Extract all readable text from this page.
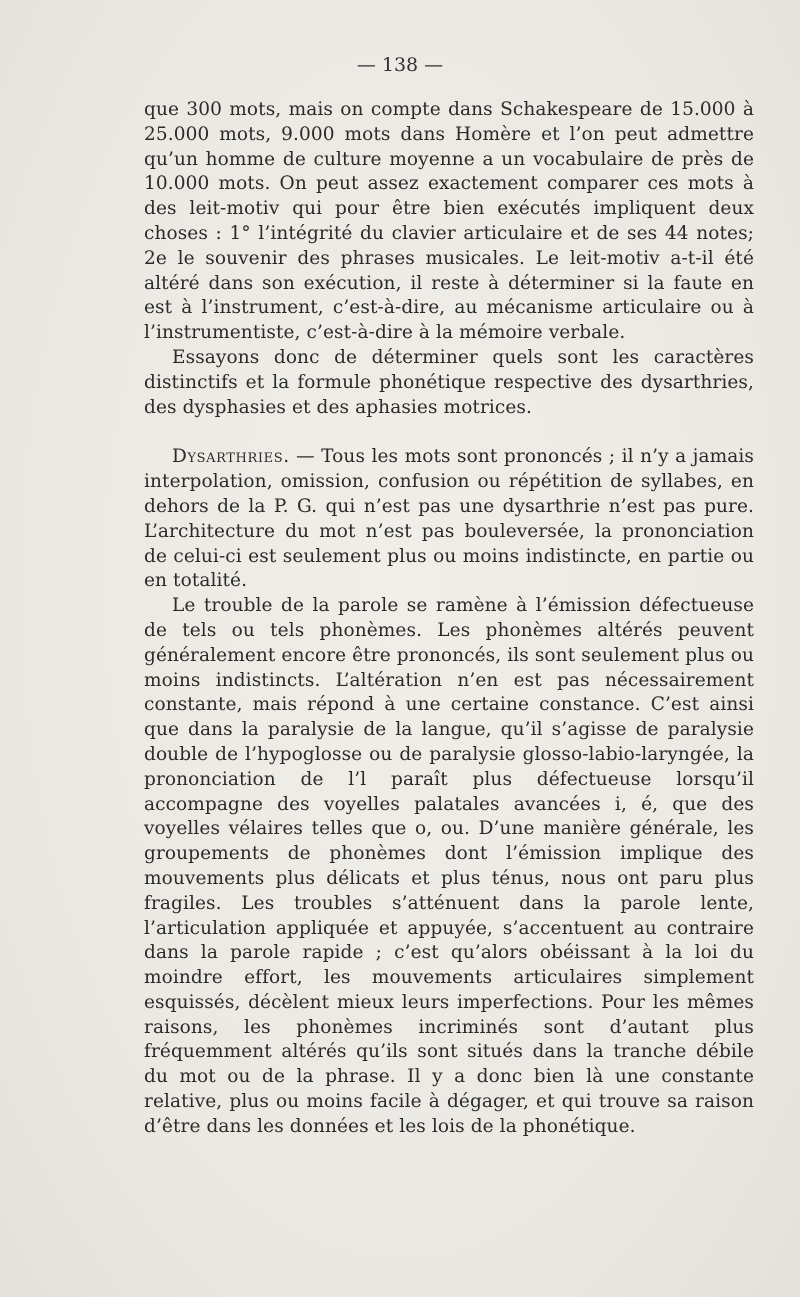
— 138 —

que 300 mots, mais on compte dans Schakespeare de 15.000 à 25.000 mots, 9.000 mots dans Homère et l’on peut admettre qu’un homme de culture moyenne a un vocabulaire de près de 10.000 mots. On peut assez exactement comparer ces mots à des leit-motiv qui pour être bien exécutés impliquent deux choses : 1° l’intégrité du clavier articulaire et de ses 44 notes; 2e le souvenir des phrases musicales. Le leit-motiv a-t-il été altéré dans son exécution, il reste à déterminer si la faute en est à l’instrument, c’est-à-dire, au mécanisme articulaire ou à l’instrumentiste, c’est-à-dire à la mémoire verbale.

Essayons donc de déterminer quels sont les caractères distinctifs et la formule phonétique respective des dysarthries, des dysphasies et des aphasies motrices.

Dysarthries. — Tous les mots sont prononcés ; il n’y a jamais interpolation, omission, confusion ou répétition de syllabes, en dehors de la P. G. qui n’est pas une dysarthrie n’est pas pure. L’architecture du mot n’est pas bouleversée, la prononciation de celui-ci est seulement plus ou moins indistincte, en partie ou en totalité.

Le trouble de la parole se ramène à l’émission défectueuse de tels ou tels phonèmes. Les phonèmes altérés peuvent généralement encore être prononcés, ils sont seulement plus ou moins indistincts. L’altération n’en est pas nécessairement constante, mais répond à une certaine constance. C’est ainsi que dans la paralysie de la langue, qu’il s’agisse de paralysie double de l’hypoglosse ou de paralysie glosso-labio-laryngée, la prononciation de l’l paraît plus défectueuse lorsqu’il accompagne des voyelles palatales avancées i, é, que des voyelles vélaires telles que o, ou. D’une manière générale, les groupements de phonèmes dont l’émission implique des mouvements plus délicats et plus ténus, nous ont paru plus fragiles. Les troubles s’atténuent dans la parole lente, l’articulation appliquée et appuyée, s’accentuent au contraire dans la parole rapide ; c’est qu’alors obéissant à la loi du moindre effort, les mouvements articulaires simplement esquissés, décèlent mieux leurs imperfections. Pour les mêmes raisons, les phonèmes incriminés sont d’autant plus fréquemment altérés qu’ils sont situés dans la tranche débile du mot ou de la phrase. Il y a donc bien là une constante relative, plus ou moins facile à dégager, et qui trouve sa raison d’être dans les données et les lois de la phonétique.
